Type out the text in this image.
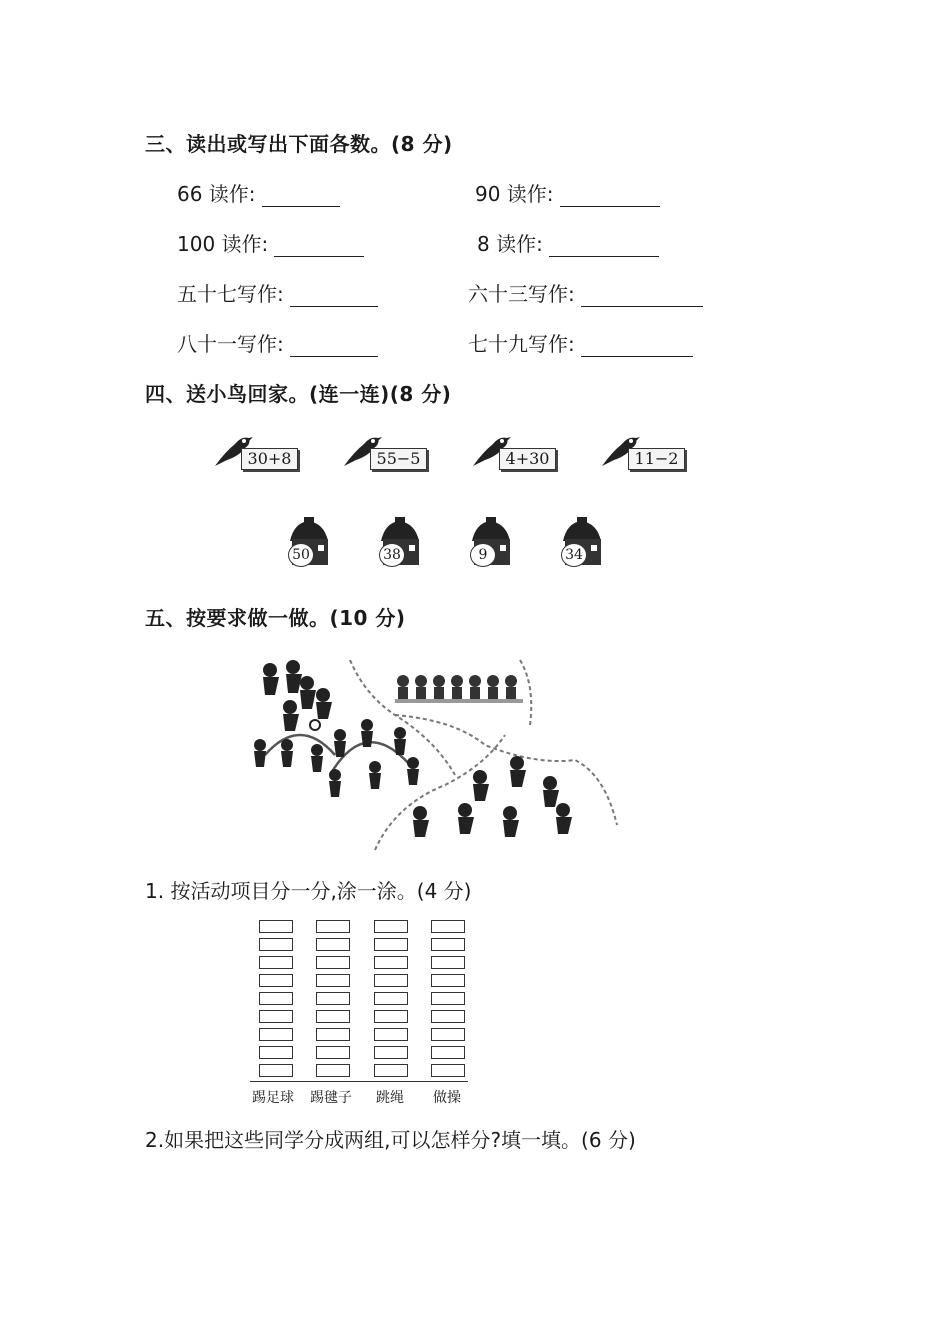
三、读出或写出下面各数。(8 分)
66 读作:	90 读作:
100 读作:	8 读作:
五十七写作:	六十三写作:
八十一写作:	七十九写作:
四、送小鸟回家。(连一连)(8 分)
30+8	55−5	4+30	11−2
50	38	9	34
五、按要求做一做。(10 分)
1. 按活动项目分一分,涂一涂。(4 分)
踢足球 踢毽子 跳绳 做操
2.如果把这些同学分成两组,可以怎样分?填一填。(6 分)
